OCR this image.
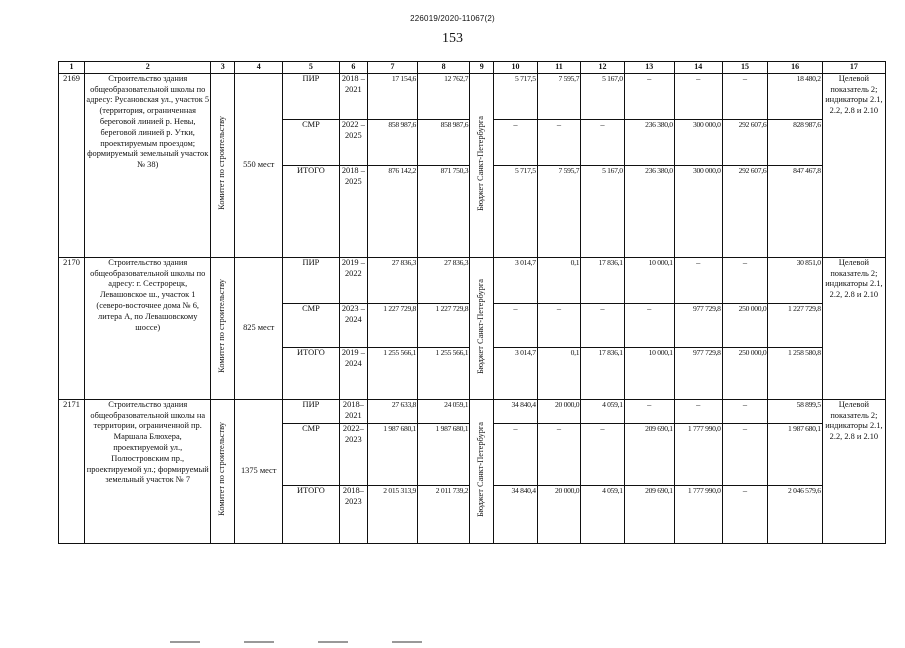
226019/2020-11067(2)
153
1	2	3	4	5	6	7	8	9	10	11	12	13	14	15	16	17
2169	Строительство здания общеобразовательной школы по адресу: Русановская ул., участок 5 (территория, ограниченная береговой линией р. Невы, береговой линией р. Утки, проектируемым проездом; формируемый земельный участок № 38)	Комитет по строительству	550 мест	ПИР	2018 – 2021	17 154,6	12 762,7	Бюджет Санкт-Петербурга	5 717,5	7 595,7	5 167,0	–	–	–	18 480,2	Целевой показатель 2; индикаторы 2.1, 2.2, 2.8 и 2.10
				СМР	2022 – 2025	858 987,6	858 987,6		–	–	–	236 380,0	300 000,0	292 607,6	828 987,6	
				ИТОГО	2018 – 2025	876 142,2	871 750,3		5 717,5	7 595,7	5 167,0	236 380,0	300 000,0	292 607,6	847 467,8	
2170	Строительство здания общеобразовательной школы по адресу: г. Сестрорецк, Левашовское ш., участок 1 (северо-восточнее дома № 6, литера А, по Левашовскому шоссе)	Комитет по строительству	825 мест	ПИР	2019 – 2022	27 836,3	27 836,3	Бюджет Санкт-Петербурга	3 014,7	0,1	17 836,1	10 000,1	–	–	30 851,0	Целевой показатель 2; индикаторы 2.1, 2.2, 2.8 и 2.10
				СМР	2023 – 2024	1 227 729,8	1 227 729,8		–	–	–	–	977 729,8	250 000,0	1 227 729,8	
				ИТОГО	2019 – 2024	1 255 566,1	1 255 566,1		3 014,7	0,1	17 836,1	10 000,1	977 729,8	250 000,0	1 258 580,8	
2171	Строительство здания общеобразовательной школы на территории, ограниченной пр. Маршала Блюхера, проектируемой ул., Полюстровским пр., проектируемой ул.; формируемый земельный участок № 7	Комитет по строительству	1375 мест	ПИР	2018– 2021	27 633,8	24 059,1	Бюджет Санкт-Петербурга	34 840,4	20 000,0	4 059,1	–	–	–	58 899,5	Целевой показатель 2; индикаторы 2.1, 2.2, 2.8 и 2.10
				СМР	2022– 2023	1 987 680,1	1 987 680,1		–	–	–	209 690,1	1 777 990,0	–	1 987 680,1	
				ИТОГО	2018– 2023	2 015 313,9	2 011 739,2		34 840,4	20 000,0	4 059,1	209 690,1	1 777 990,0	–	2 046 579,6	
